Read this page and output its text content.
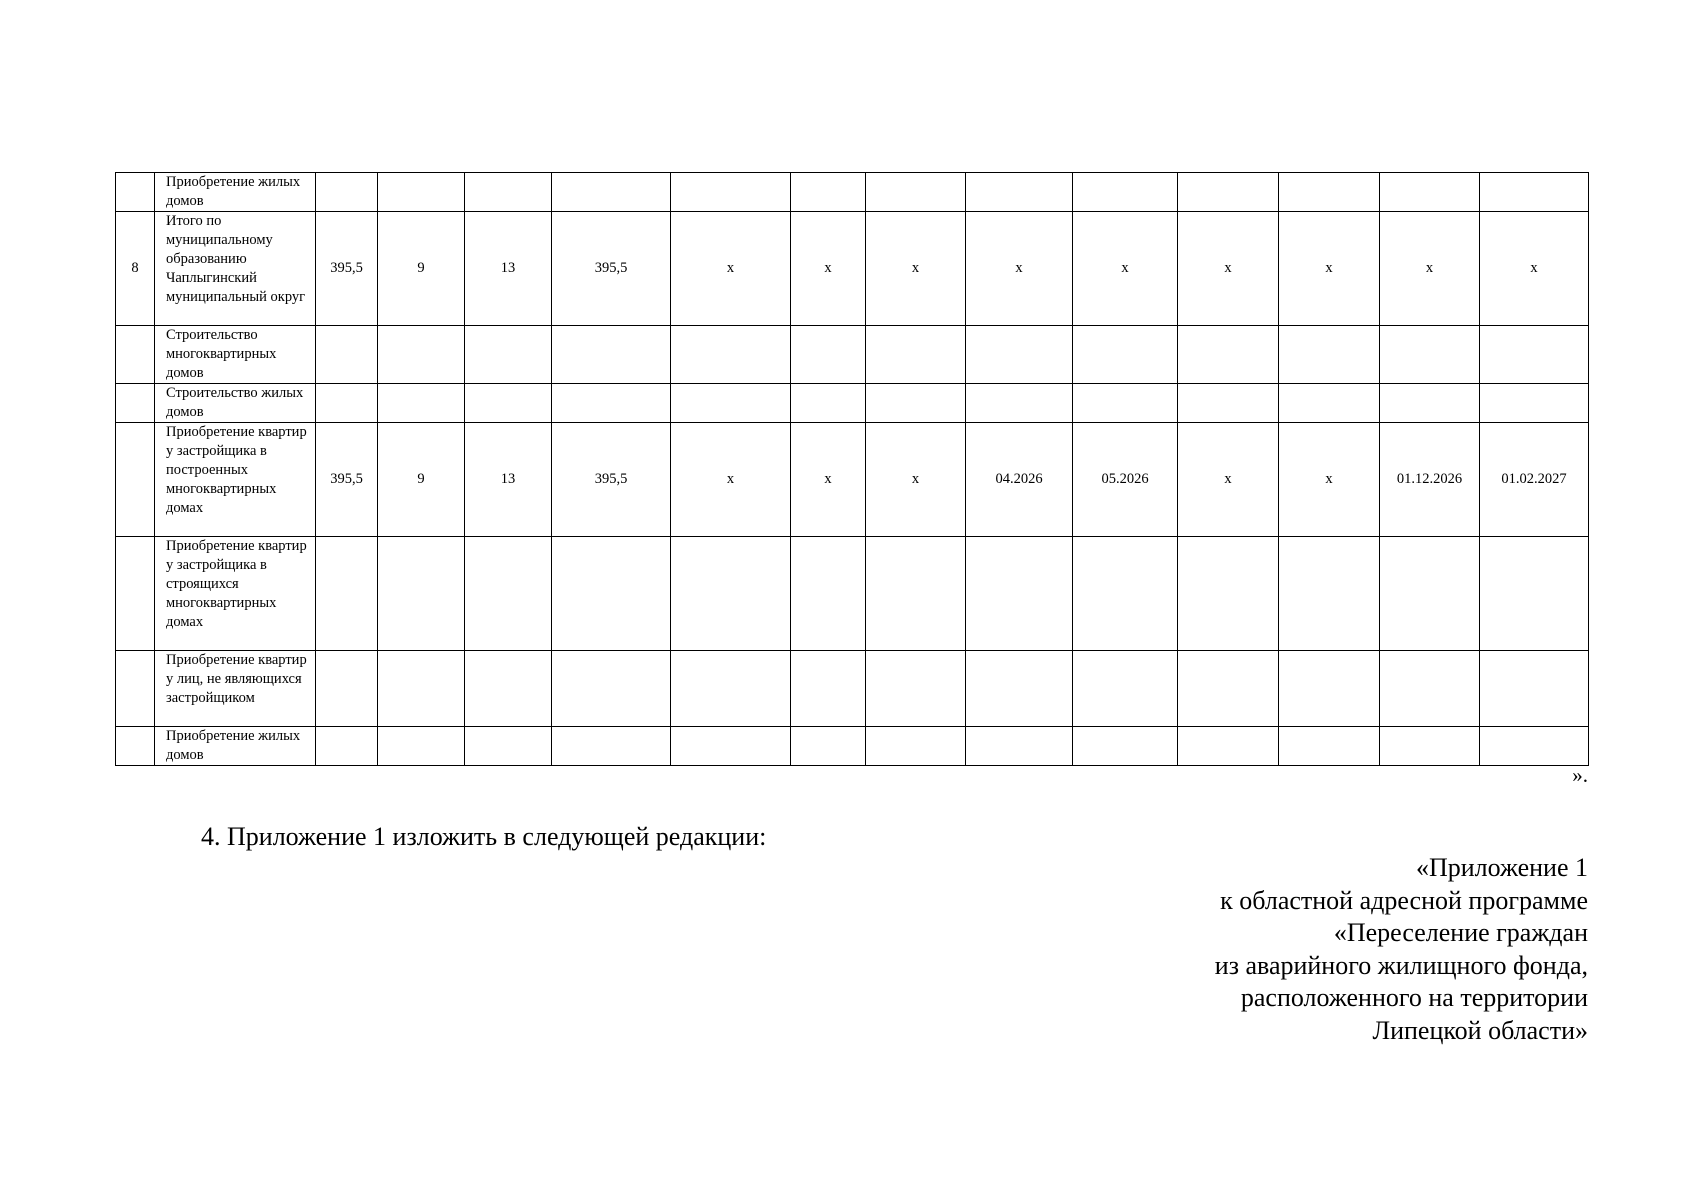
	Приобретение жилых домов													
8	Итого по муниципальному образованию Чаплыгинский муниципальный округ	395,5	9	13	395,5	х	х	х	х	х	х	х	х	х
	Строительство многоквартирных домов													
	Строительство жилых домов													
	Приобретение квартир у застройщика в построенных многоквартирных домах	395,5	9	13	395,5	х	х	х	04.2026	05.2026	х	х	01.12.2026	01.02.2027
	Приобретение квартир у застройщика в строящихся многоквартирных домах													
	Приобретение квартир у лиц, не являющихся застройщиком													
	Приобретение жилых домов													
».
4. Приложение 1 изложить в следующей редакции:
«Приложение 1
к областной адресной программе
«Переселение граждан
из аварийного жилищного фонда,
расположенного на территории
Липецкой области»
